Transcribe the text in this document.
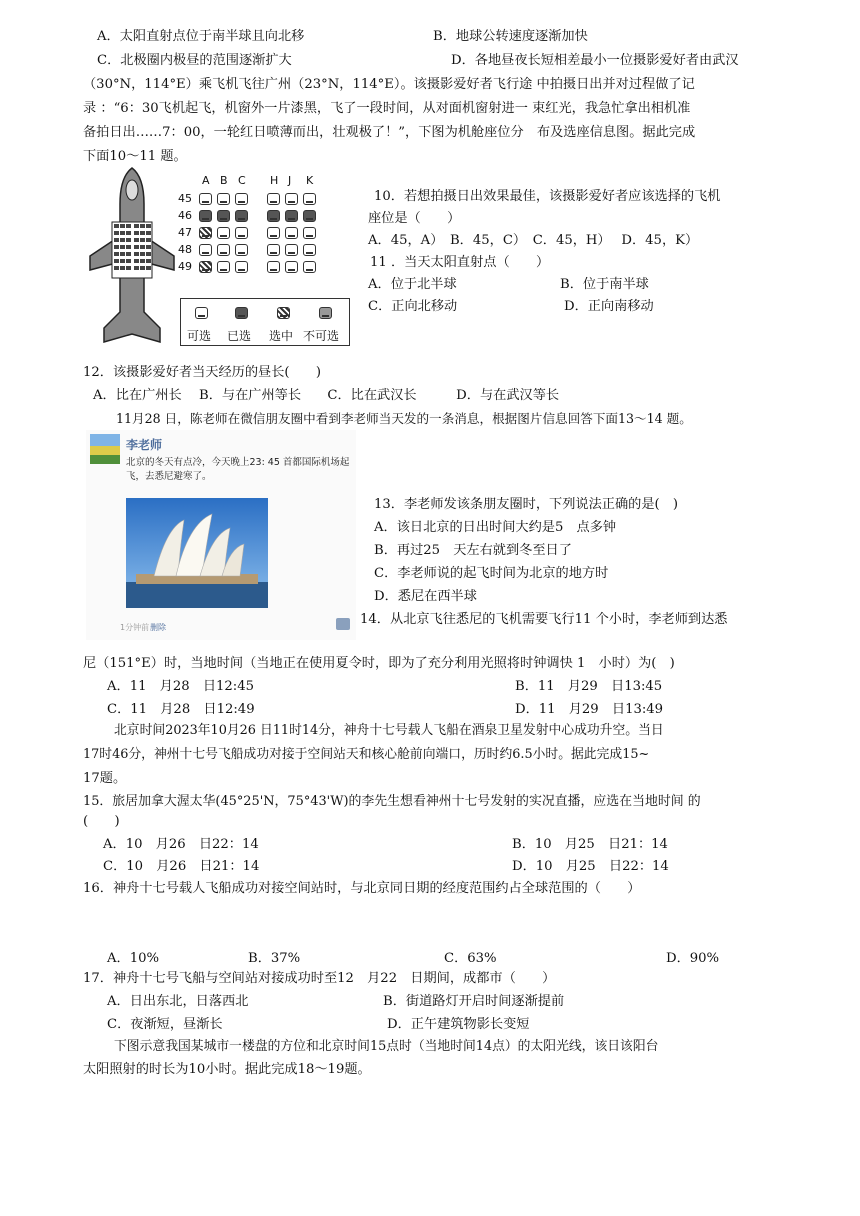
A．太阳直射点位于南半球且向北移	B．地球公转速度逐渐加快
C．北极圈内极昼的范围逐渐扩大	D．各地昼夜长短相差最小一位摄影爱好者由武汉
（30°N，114°E）乘飞机飞往广州（23°N，114°E）。该摄影爱好者飞行途 中拍摄日出并对过程做了记
录 ：“6：30飞机起飞，机窗外一片漆黑，飞了一段时间，从对面机窗射进一 束红光，我急忙拿出相机准
备拍日出……7：00，一轮红日喷薄而出，壮观极了！”，下图为机舱座位分　布及选座信息图。据此完成
下面10～11 题。
A B C H J K
45
46
47
48
49
可选 已选 选中 不可选
10．若想拍摄日出效果最佳，该摄影爱好者应该选择的飞机
座位是（　　）
A．45，A）　B．45，C）　C．45，H）　 D．45，K）
11 ．当天太阳直射点（　　）
A．位于北半球	B．位于南半球
C．正向北移动	D．正向南移动
12．该摄影爱好者当天经历的昼长(　　)
A．比在广州长　 B．与在广州等长　　C．比在武汉长　　　D．与在武汉等长
11月28 日，陈老师在微信朋友圈中看到李老师当天发的一条消息，根据图片信息回答下面13～14 题。
李老师
北京的冬天有点冷，今天晚上23: 45 首都国际机场起
飞，去悉尼避寒了。
1分钟前 删除
13．李老师发该条朋友圈时，下列说法正确的是(　)
A．该日北京的日出时间大约是5　点多钟
B．再过25　天左右就到冬至日了
C．李老师说的起飞时间为北京的地方时
D．悉尼在西半球
14．从北京飞往悉尼的飞机需要飞行11 个小时，李老师到达悉
尼（151°E）时，当地时间（当地正在使用夏令时，即为了充分利用光照将时钟调快 1　小时）为(　)
A．11　月28　日12:45	B．11　月29　日13:45
C．11　月28　日12:49	D．11　月29　日13:49
北京时间2023年10月26 日11时14分，神舟十七号载人飞船在酒泉卫星发射中心成功升空。当日
17时46分，神州十七号飞船成功对接于空间站天和核心舱前向端口，历时约6.5小时。据此完成15~
17题。
15．旅居加拿大渥太华(45°25'N，75°43'W)的李先生想看神州十七号发射的实况直播，应选在当地时间 的
(　　)
A．10　月26　日22：14	B．10　月25　日21：14
C．10　月26　日21：14	D．10　月25　日22：14
16．神舟十七号载人飞船成功对接空间站时，与北京同日期的经度范围约占全球范围的（　　）
A．10%	B．37%	C．63%	D．90%
17．神舟十七号飞船与空间站对接成功时至12　月22　日期间，成都市（　　）
A．日出东北，日落西北	B．街道路灯开启时间逐渐提前
C．夜渐短，昼渐长	D．正午建筑物影长变短
下图示意我国某城市一楼盘的方位和北京时间15点时（当地时间14点）的太阳光线，该日该阳台
太阳照射的时长为10小时。据此完成18～19题。
